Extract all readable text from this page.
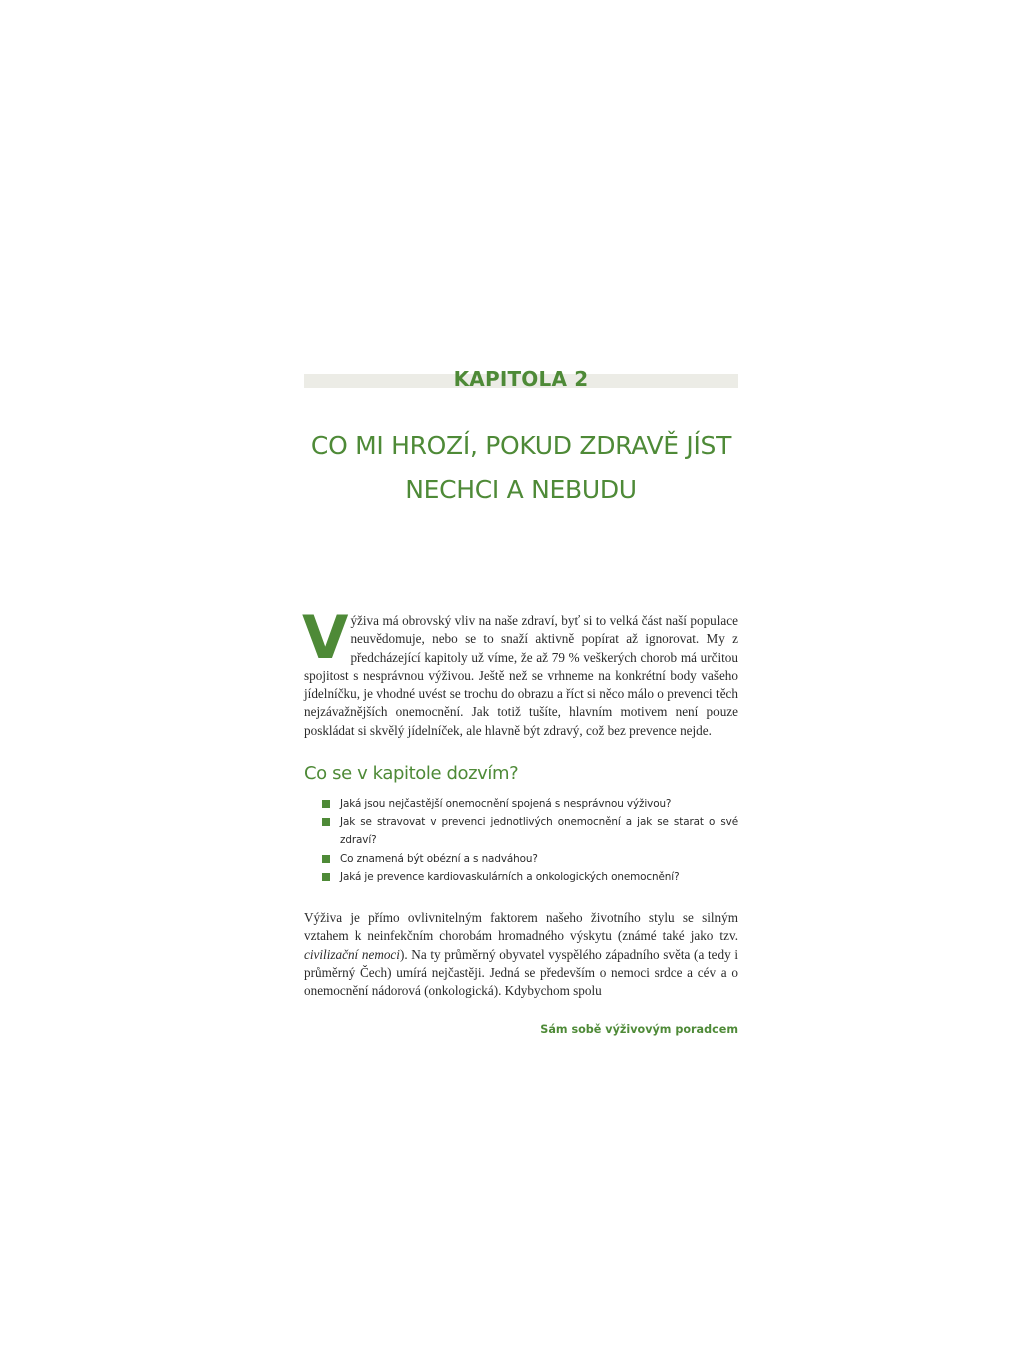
KAPITOLA 2
CO MI HROZÍ, POKUD ZDRAVĚ JÍST
NECHCI A NEBUDU

Výživa má obrovský vliv na naše zdraví, byť si to velká část naší populace neuvědomuje, nebo se to snaží aktivně popírat až ignorovat. My z předcházející kapitoly už víme, že až 79 % veškerých chorob má určitou spojitost s nesprávnou výživou. Ještě než se vrhneme na konkrétní body vašeho jídelníčku, je vhodné uvést se trochu do obrazu a říct si něco málo o prevenci těch nejzávažnějších onemocnění. Jak totiž tušíte, hlavním motivem není pouze poskládat si skvělý jídelníček, ale hlavně být zdravý, což bez prevence nejde.

Co se v kapitole dozvím?
Jaká jsou nejčastější onemocnění spojená s nesprávnou výživou?
Jak se stravovat v prevenci jednotlivých onemocnění a jak se starat o své zdraví?
Co znamená být obézní a s nadváhou?
Jaká je prevence kardiovaskulárních a onkologických onemocnění?

Výživa je přímo ovlivnitelným faktorem našeho životního stylu se silným vztahem k neinfekčním chorobám hromadného výskytu (známé také jako tzv. civilizační nemoci). Na ty průměrný obyvatel vyspělého západního světa (a tedy i průměrný Čech) umírá nejčastěji. Jedná se především o nemoci srdce a cév a o onemocnění nádorová (onkologická). Kdybychom spolu

Sám sobě výživovým poradcem
